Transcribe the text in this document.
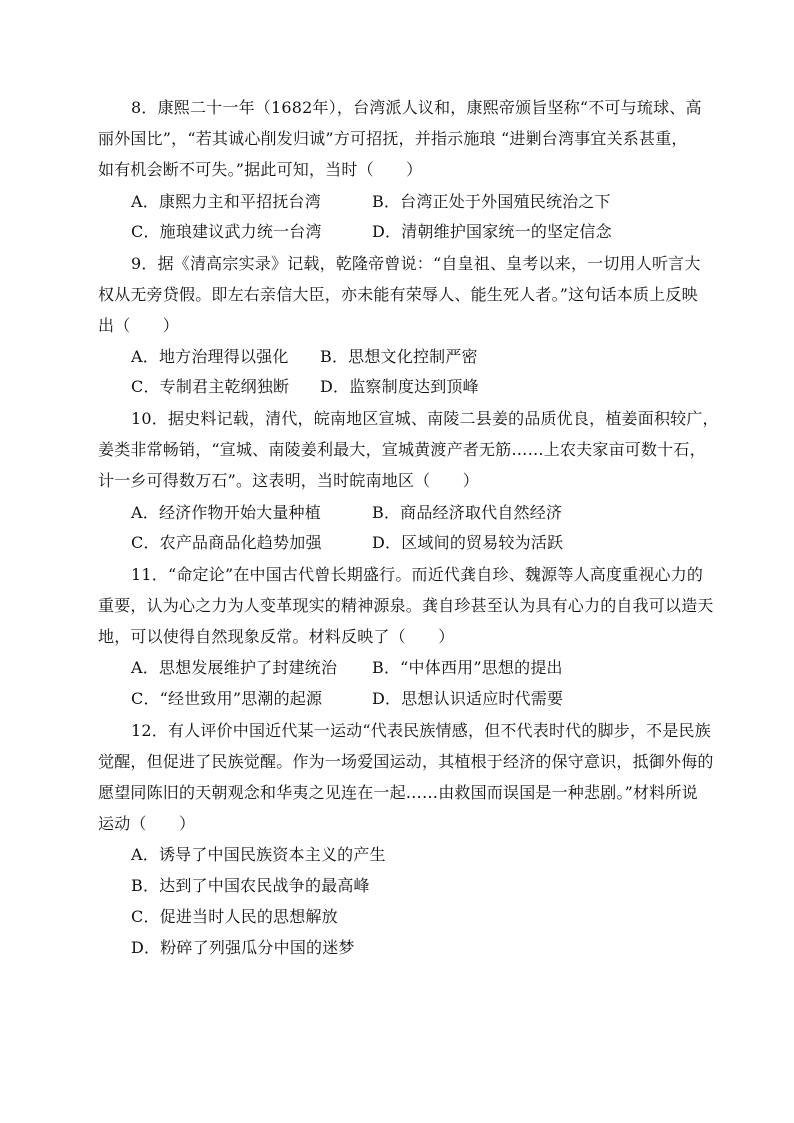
8．康熙二十一年（1682年），台湾派人议和，康熙帝颁旨坚称“不可与琉球、高
丽外国比”，“若其诚心削发归诚”方可招抚，并指示施琅 “进剿台湾事宜关系甚重，
如有机会断不可失。”据此可知，当时（　　）
A．康熙力主和平招抚台湾	B．台湾正处于外国殖民统治之下
C．施琅建议武力统一台湾	D．清朝维护国家统一的坚定信念
9．据《清高宗实录》记载，乾隆帝曾说：“自皇祖、皇考以来，一切用人听言大
权从无旁贷假。即左右亲信大臣，亦未能有荣辱人、能生死人者。”这句话本质上反映
出（　　）
A．地方治理得以强化 B．思想文化控制严密
C．专制君主乾纲独断 D．监察制度达到顶峰
10．据史料记载，清代，皖南地区宣城、南陵二县姜的品质优良，植姜面积较广，
姜类非常畅销，“宣城、南陵姜利最大，宣城黄渡产者无筋……上农夫家亩可数十石，
计一乡可得数万石”。这表明，当时皖南地区（　　）
A．经济作物开始大量种植	B．商品经济取代自然经济
C．农产品商品化趋势加强	D．区域间的贸易较为活跃
11．“命定论”在中国古代曾长期盛行。而近代龚自珍、魏源等人高度重视心力的
重要，认为心之力为人变革现实的精神源泉。龚自珍甚至认为具有心力的自我可以造天
地，可以使得自然现象反常。材料反映了（　　）
A．思想发展维护了封建统治 B．“中体西用”思想的提出
C．“经世致用”思潮的起源	D．思想认识适应时代需要
12．有人评价中国近代某一运动“代表民族情感，但不代表时代的脚步，不是民族
觉醒，但促进了民族觉醒。作为一场爱国运动，其植根于经济的保守意识，抵御外侮的
愿望同陈旧的天朝观念和华夷之见连在一起……由救国而误国是一种悲剧。”材料所说
运动（　　）
A．诱导了中国民族资本主义的产生
B．达到了中国农民战争的最高峰
C．促进当时人民的思想解放
D．粉碎了列强瓜分中国的迷梦
